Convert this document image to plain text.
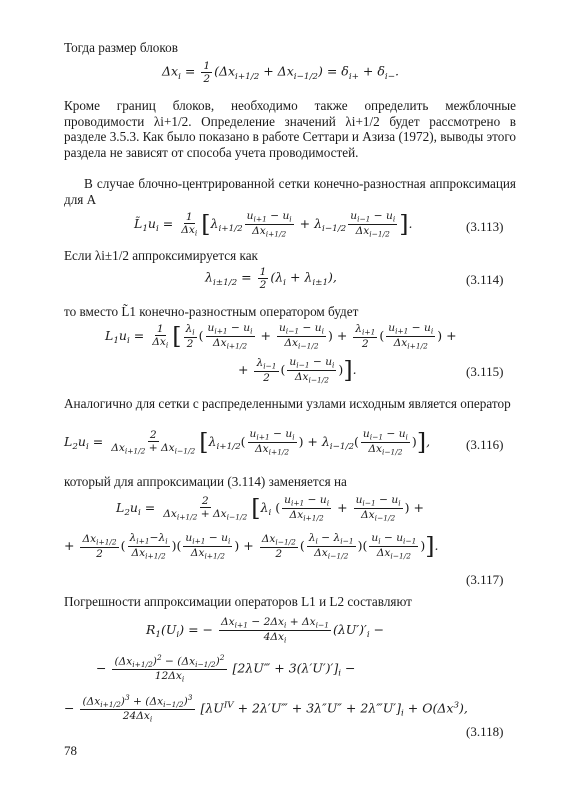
Тогда размер блоков
$\Delta x_i = \frac{1}{2} (\Delta x_{i+1/2} + \Delta x_{i-1/2}) = \delta_{i+} + \delta_{i-}$.
Кроме границ блоков, необходимо также определить межблочные проводимости λi+1/2. Определение значений λi+1/2 будет рассмотрено в разделе 3.5.3. Как было показано в работе Сеттари и Азиза (1972), выводы этого раздела не зависят от способа учета проводимостей.
В случае блочно-центрированной сетки конечно-разностная аппроксимация для A
$L̃_1u_i = \frac{1}{\Delta x_i} [\lambda_{i+1/2} \frac{u_{i+1} - u_i}{\Delta x_{i+1/2}} + \lambda_{i-1/2} \frac{u_{i-1} - u_i}{\Delta x_{i-1/2}}$ ].	(3.113)
Если λi±1/2 аппроксимируется как
$\lambda_{i\pm 1/2} = \frac{1}{2} (\lambda_i + \lambda_{i\pm 1})$,	(3.114)
то вместо L̃1 конечно-разностным оператором будет
$L_1u_i = \frac{1}{\Delta x_i}$ [ $\frac{\lambda_i}{2}$ ( $\frac{u_{i+1} - u_i}{\Delta x_{i+1/2}} + \frac{u_{i-1} - u_i}{\Delta x_{i-1/2}}$ ) + $\frac{\lambda_{i+1}}{2}$ ( $\frac{u_{i+1} - u_i}{\Delta x_{i+1/2}}$ ) +
+ $\frac{\lambda_{i-1}}{2}$ ( $\frac{u_{i-1} - u_i}{\Delta x_{i-1/2}}$ )].	(3.115)
Аналогично для сетки с распределенными узлами исходным является оператор
$L_2u_i = \frac{2}{\Delta x_{i+1/2} + \Delta x_{i-1/2}} [\lambda_{i+1/2}( \frac{u_{i+1} - u_i}{\Delta x_{i+1/2}}$ ) + $\lambda_{i-1/2}( \frac{u_{i-1} - u_i}{\Delta x_{i-1/2}}$ )],	(3.116)
который для аппроксимации (3.114) заменяется на
$L_2u_i = \frac{2}{\Delta x_{i+1/2} + \Delta x_{i-1/2}} [\lambda_i$ ( $\frac{u_{i+1} - u_i}{\Delta x_{i+1/2}} + \frac{u_{i-1} - u_i}{\Delta x_{i-1/2}}$ ) +
+ $\frac{\Delta x_{i+1/2}}{2}$ ( $\frac{\lambda_{i+1}-\lambda_i}{\Delta x_{i+1/2}}$ )( $\frac{u_{i+1} - u_i}{\Delta x_{i+1/2}}$ ) + $\frac{\Delta x_{i-1/2}}{2}$ ( $\frac{\lambda_i - \lambda_{i-1}}{\Delta x_{i-1/2}}$ )( $\frac{u_i - u_{i-1}}{\Delta x_{i-1/2}}$ )].
(3.117)
Погрешности аппроксимации операторов L1 и L2 составляют
$R_1(U_i)$ = − $\frac{\Delta x_{i+1} - 2\Delta x_i + \Delta x_{i-1}}{4\Delta x_i} (\lambda U')'_i$ −
− $\frac{(\Delta x_{i+1/2})^2 - (\Delta x_{i-1/2})^2}{12\Delta x_i}$ [2λU‴ + $3(\lambda'U')']_i$ −
− $\frac{(\Delta x_{i+1/2})^3 + (\Delta x_{i-1/2})^3}{24\Delta x_i} [\lambda U^{IV}$ + 2λ′U‴ + $3\lambda''U'' + 2\lambda‴U']_i + O(\Delta x^3)$,
(3.118)
78
